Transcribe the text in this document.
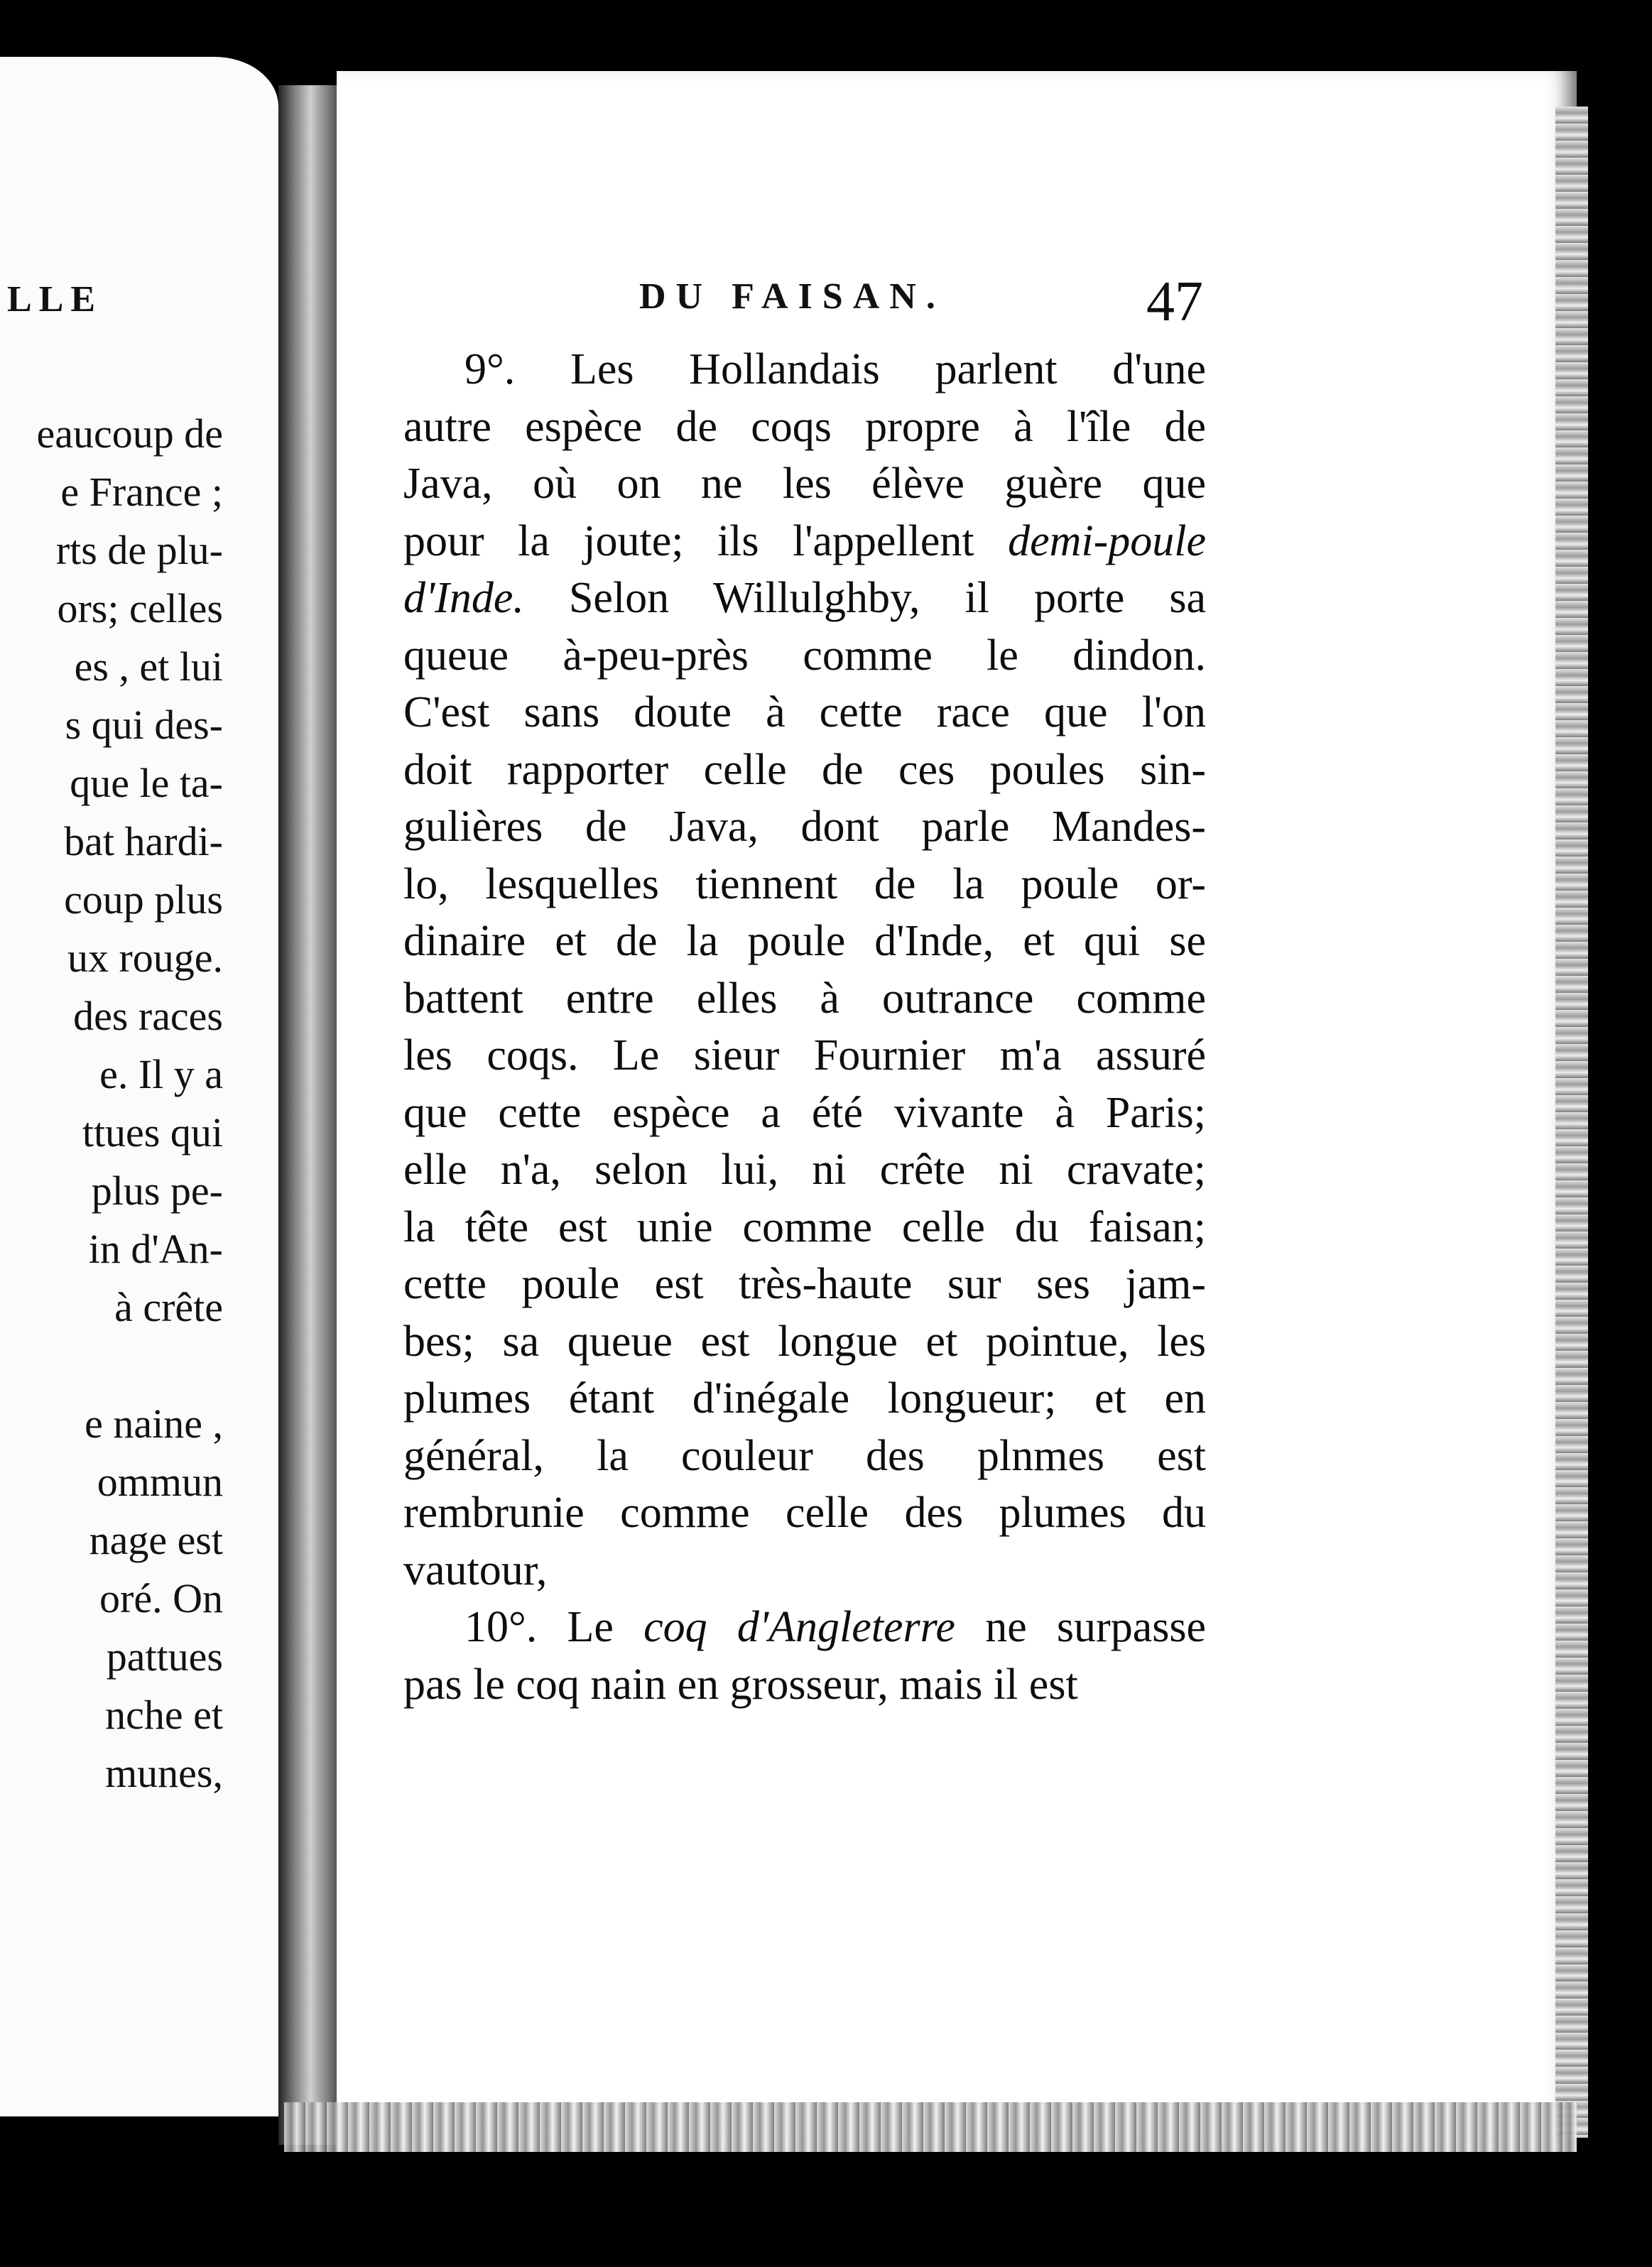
LLE
eaucoup de
e France ;
rts de plu-
ors; celles
es , et lui
s qui des-
que le ta-
bat hardi-
coup plus
ux rouge.
des races
e. Il y a
ttues qui
plus pe-
in d'An-
à crête

e naine ,
ommun
nage est
oré. On
pattues
nche et
munes,
DU FAISAN.	47
9°. Les Hollandais parlent d'une
autre espèce de coqs propre à l'île de
Java, où on ne les élève guère que
pour la joute; ils l'appellent demi-poule
d'Inde. Selon Willulghby, il porte sa
queue à-peu-près comme le dindon.
C'est sans doute à cette race que l'on
doit rapporter celle de ces poules sin-
gulières de Java, dont parle Mandes-
lo, lesquelles tiennent de la poule or-
dinaire et de la poule d'Inde, et qui se
battent entre elles à outrance comme
les coqs. Le sieur Fournier m'a assuré
que cette espèce a été vivante à Paris;
elle n'a, selon lui, ni crête ni cravate;
la tête est unie comme celle du faisan;
cette poule est très-haute sur ses jam-
bes; sa queue est longue et pointue, les
plumes étant d'inégale longueur; et en
général, la couleur des plnmes est
rembrunie comme celle des plumes du
vautour,
10°. Le coq d'Angleterre ne surpasse
pas le coq nain en grosseur, mais il est
